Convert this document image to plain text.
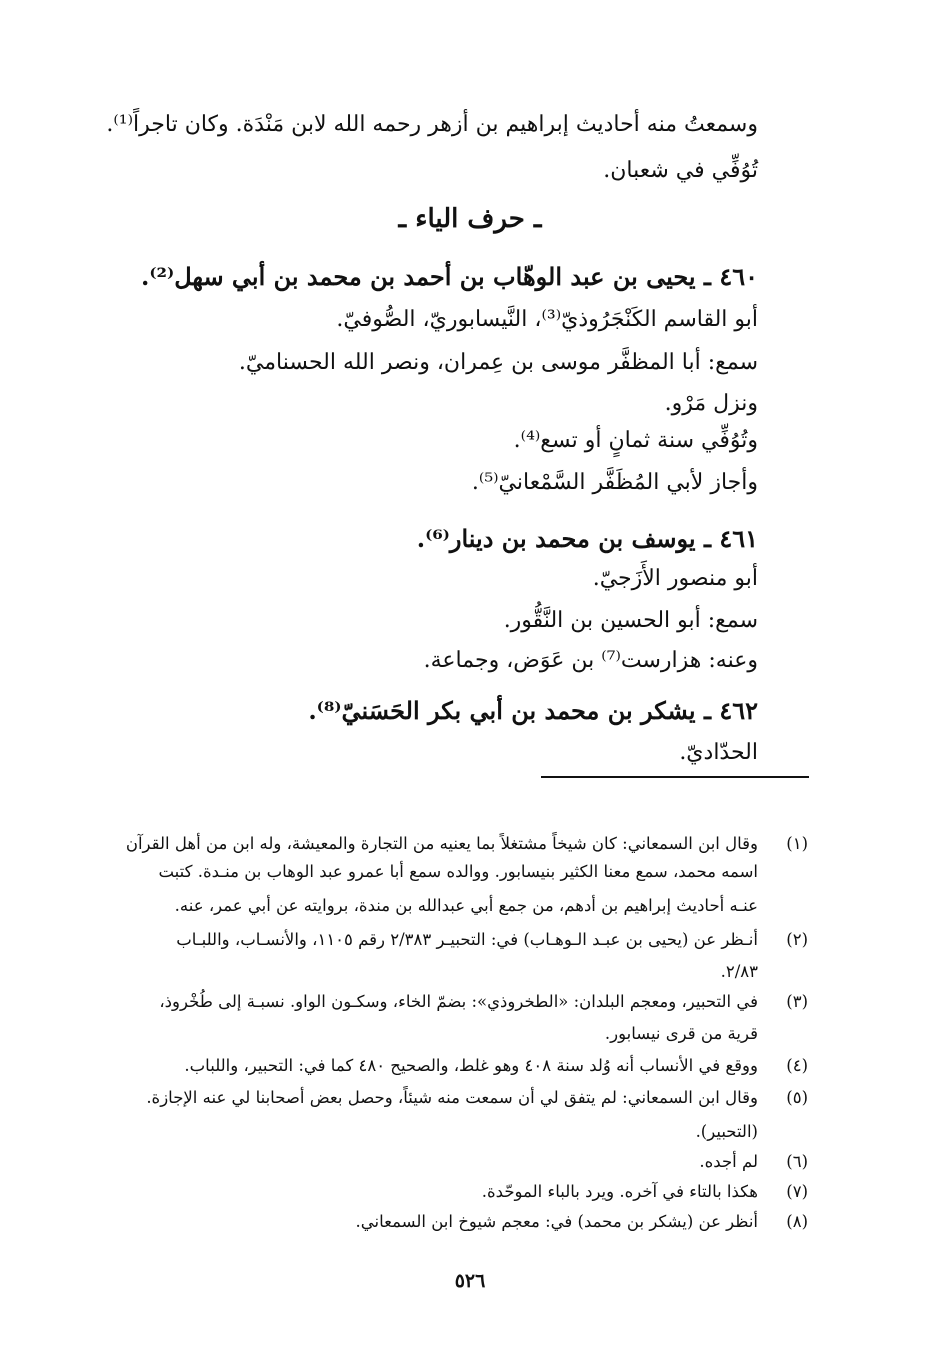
وسمعتُ منه أحاديث إبراهيم بن أزهر رحمه الله لابن مَنْدَة. وكان تاجراً⁽¹⁾.
تُوُفِّي في شعبان.
ـ حرف الياء ـ
٤٦٠ ـ يحيى بن عبد الوهّاب بن أحمد بن محمد بن أبي سهل⁽²⁾.
أبو القاسم الكَنْجَرُوذيّ⁽³⁾، النَّيسابوريّ، الصُّوفيّ.
سمع: أبا المظفَّر موسى بن عِمران، ونصر الله الحسناميّ.
ونزل مَرْو.
وتُوُفِّي سنة ثمانٍ أو تسع⁽⁴⁾.
وأجاز لأبي المُظَفَّر السَّمْعانيّ⁽⁵⁾.
٤٦١ ـ يوسف بن محمد بن دينار⁽⁶⁾.
أبو منصور الأَزَجيّ.
سمع: أبو الحسين بن النَّقُّور.
وعنه: هزارست⁽⁷⁾ بن عَوَض، وجماعة.
٤٦٢ ـ يشكر بن محمد بن أبي بكر الحَسَنيّ⁽⁸⁾.
الحدّاديّ.
(١)
وقال ابن السمعاني: كان شيخاً مشتغلاً بما يعنيه من التجارة والمعيشة، وله ابن من أهل القرآن
اسمه محمد، سمع معنا الكثير بنيسابور. ووالده سمع أبا عمرو عبد الوهاب بن منـدة. كتبت
عنـه أحاديث إبراهيم بن أدهم، من جمع أبي عبدالله بن مندة، بروايته عن أبي عمر، عنه.
(٢)
أنـظر عن (يحيى بن عبـد الـوهـاب) في: التحبيـر ٢/٣٨٣ رقم ١١٠٥، والأنسـاب، واللبـاب
٢/٨٣.
(٣)
في التحبير، ومعجم البلدان: «الطخروذي»: بضمّ الخاء، وسكـون الواو. نسبـة إلى طُخْروذ،
قرية من قرى نيسابور.
(٤)
ووقع في الأنساب أنه وُلد سنة ٤٠٨ وهو غلط، والصحيح ٤٨٠ كما في: التحبير، واللباب.
(٥)
وقال ابن السمعاني: لم يتفق لي أن سمعت منه شيئاً، وحصل بعض أصحابنا لي عنه الإجازة.
(التحبير).
(٦)
لم أجده.
(٧)
هكذا بالتاء في آخره. ويرد بالباء الموحّدة.
(٨)
أنظر عن (يشكر بن محمد) في: معجم شيوخ ابن السمعاني.
٥٢٦
